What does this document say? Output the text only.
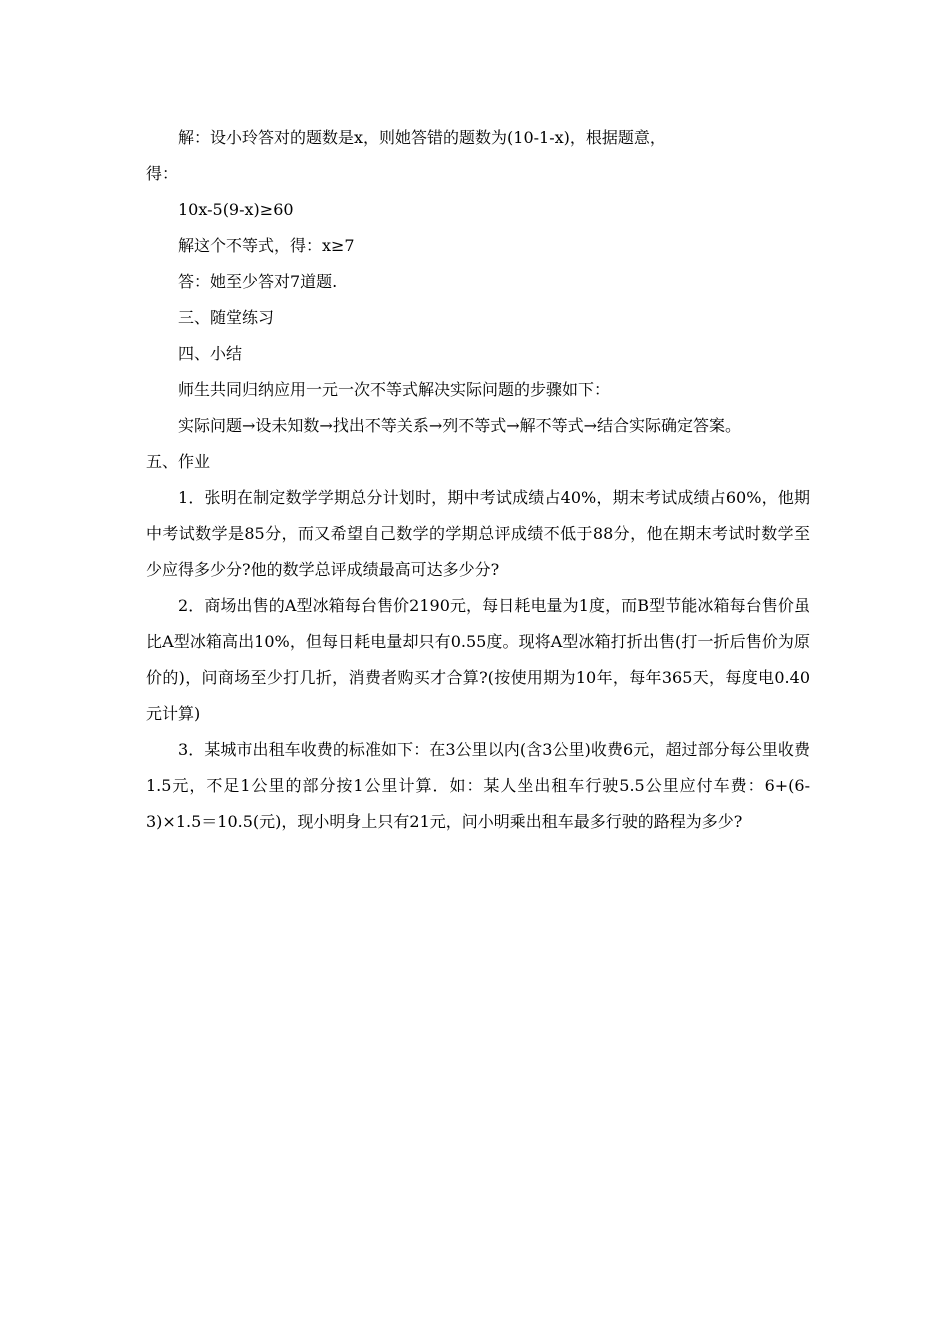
解：设小玲答对的题数是x，则她答错的题数为(10-1-x)，根据题意，
得：
10x-5(9-x)≥60
解这个不等式，得：x≥7
答：她至少答对7道题.
三、随堂练习
四、小结
师生共同归纳应用一元一次不等式解决实际问题的步骤如下：
实际问题→设未知数→找出不等关系→列不等式→解不等式→结合实际确定答案。
五、作业

1．张明在制定数学学期总分计划时，期中考试成绩占40%，期末考试成绩占60%，他期中考试数学是85分，而又希望自己数学的学期总评成绩不低于88分，他在期末考试时数学至少应得多少分?他的数学总评成绩最高可达多少分?

2．商场出售的A型冰箱每台售价2190元，每日耗电量为1度，而B型节能冰箱每台售价虽比A型冰箱高出10%，但每日耗电量却只有0.55度。现将A型冰箱打折出售(打一折后售价为原价的)，问商场至少打几折，消费者购买才合算?(按使用期为10年，每年365天，每度电0.40元计算)

3．某城市出租车收费的标准如下：在3公里以内(含3公里)收费6元，超过部分每公里收费1.5元，不足1公里的部分按1公里计算．如：某人坐出租车行驶5.5公里应付车费：6+(6-3)×1.5＝10.5(元)，现小明身上只有21元，问小明乘出租车最多行驶的路程为多少?
